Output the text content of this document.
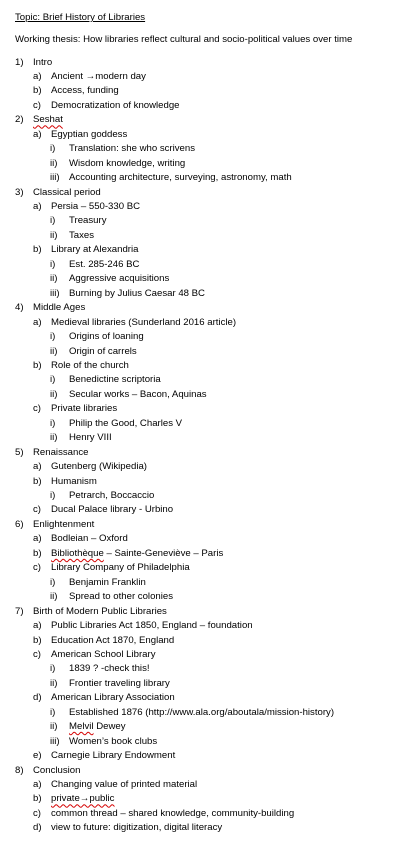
Topic: Brief History of Libraries
Working thesis: How libraries reflect cultural and socio-political values over time
1) Intro
a) Ancient →modern day
b) Access, funding
c) Democratization of knowledge
2) Seshat
a) Egyptian goddess
i) Translation: she who scrivens
ii) Wisdom knowledge, writing
iii) Accounting architecture, surveying, astronomy, math
3) Classical period
a) Persia – 550-330 BC
i) Treasury
ii) Taxes
b) Library at Alexandria
i) Est. 285-246 BC
ii) Aggressive acquisitions
iii) Burning by Julius Caesar 48 BC
4) Middle Ages
a) Medieval libraries (Sunderland 2016 article)
i) Origins of loaning
ii) Origin of carrels
b) Role of the church
i) Benedictine scriptoria
ii) Secular works – Bacon, Aquinas
c) Private libraries
i) Philip the Good, Charles V
ii) Henry VIII
5) Renaissance
a) Gutenberg (Wikipedia)
b) Humanism
i) Petrarch, Boccaccio
c) Ducal Palace library - Urbino
6) Enlightenment
a) Bodleian – Oxford
b) Bibliothèque – Sainte-Geneviève – Paris
c) Library Company of Philadelphia
i) Benjamin Franklin
ii) Spread to other colonies
7) Birth of Modern Public Libraries
a) Public Libraries Act 1850, England – foundation
b) Education Act 1870, England
c) American School Library
i) 1839 ? -check this!
ii) Frontier traveling library
d) American Library Association
i) Established 1876 (http://www.ala.org/aboutala/mission-history)
ii) Melvil Dewey
iii) Women’s book clubs
e) Carnegie Library Endowment
8) Conclusion
a) Changing value of printed material
b) private→public
c) common thread – shared knowledge, community-building
d) view to future: digitization, digital literacy
